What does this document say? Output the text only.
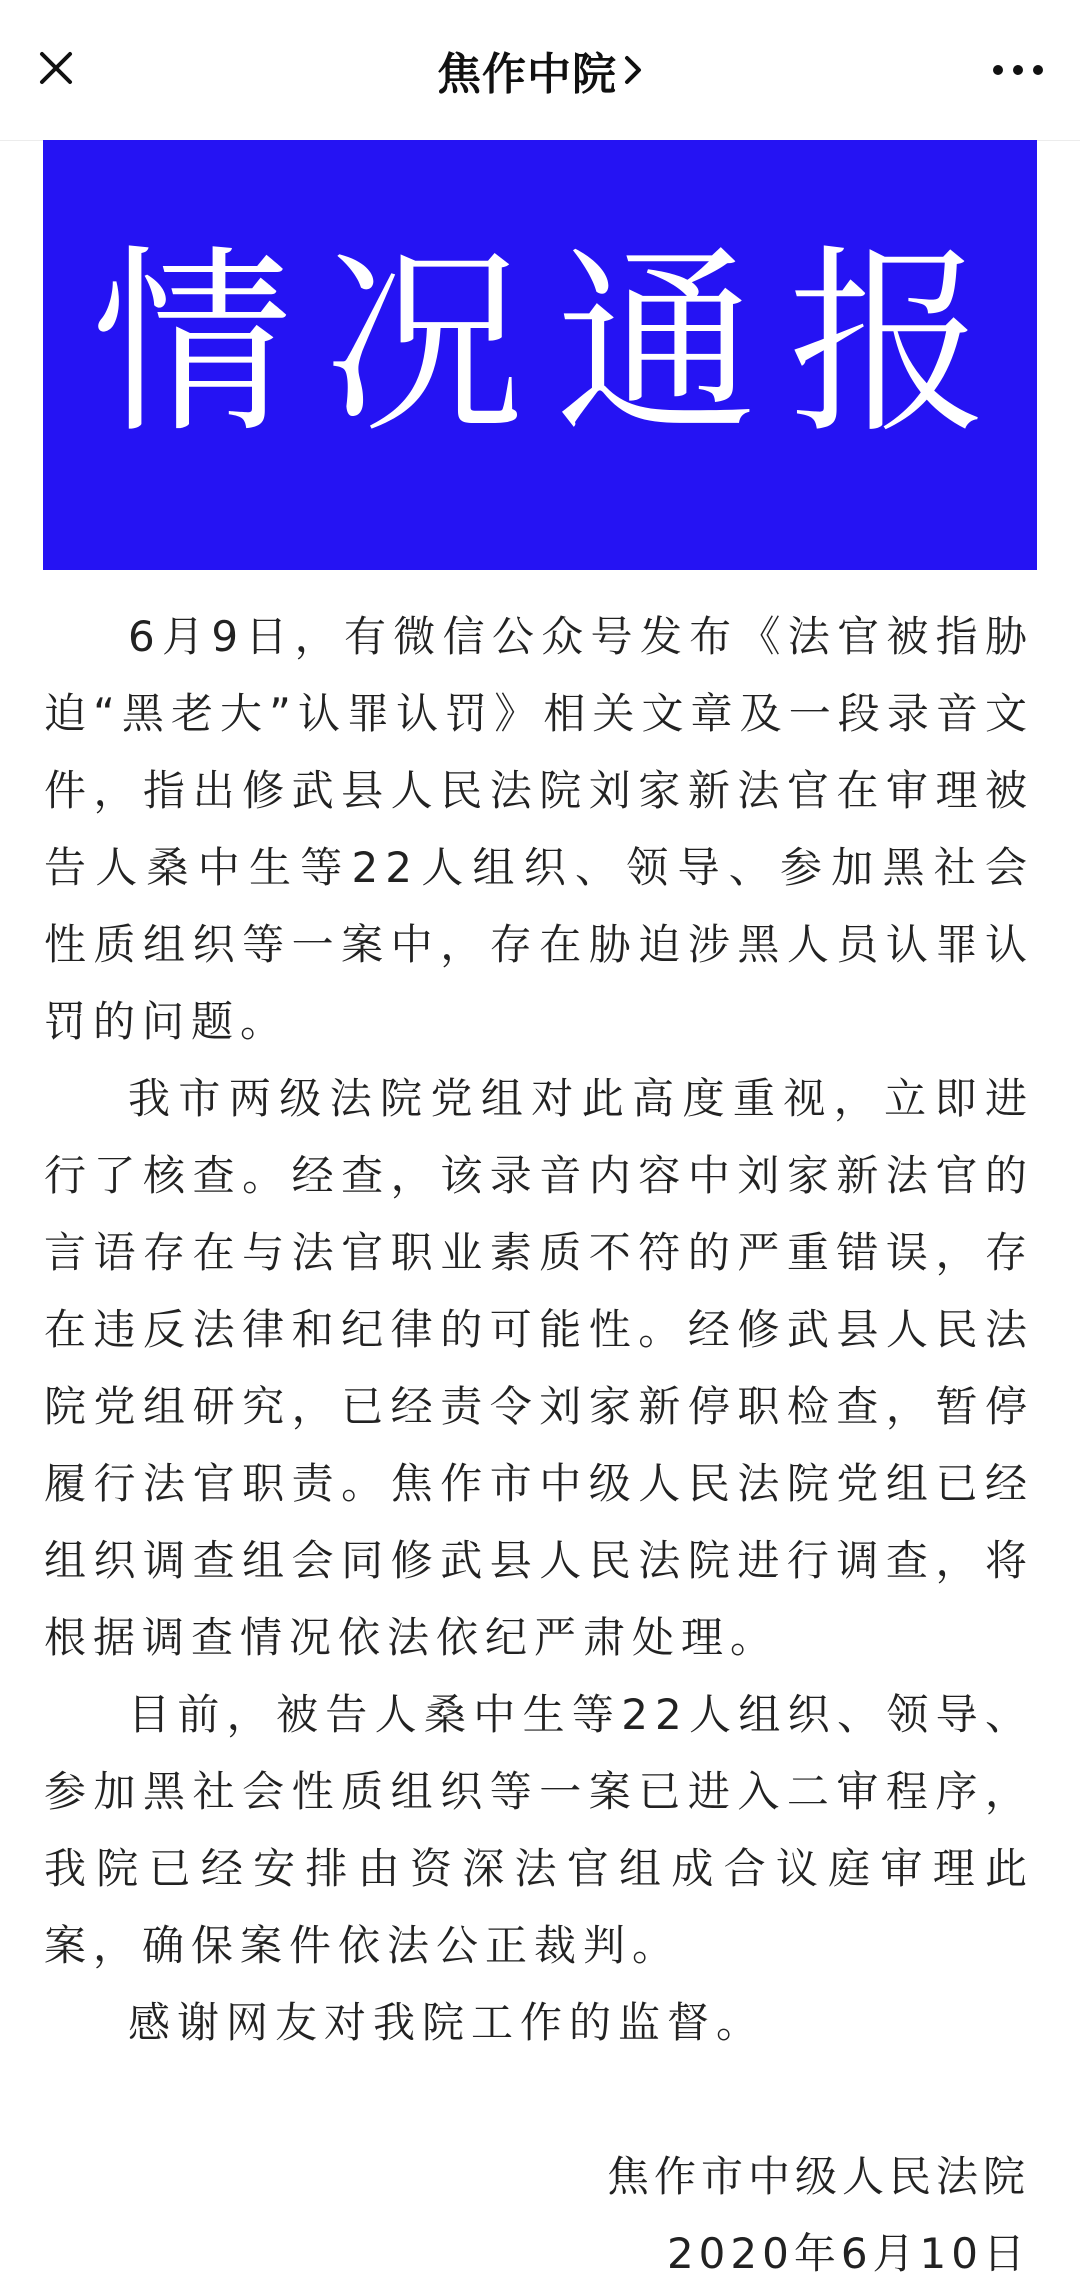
焦作中院
情况通报

6月9日，有微信公众号发布《法官被指胁迫“黑老大”认罪认罚》相关文章及一段录音文件，指出修武县人民法院刘家新法官在审理被告人桑中生等22人组织、领导、参加黑社会性质组织等一案中，存在胁迫涉黑人员认罪认罚的问题。

我市两级法院党组对此高度重视，立即进行了核查。经查，该录音内容中刘家新法官的言语存在与法官职业素质不符的严重错误，存在违反法律和纪律的可能性。经修武县人民法院党组研究，已经责令刘家新停职检查，暂停履行法官职责。焦作市中级人民法院党组已经组织调查组会同修武县人民法院进行调查，将根据调查情况依法依纪严肃处理。

目前，被告人桑中生等22人组织、领导、参加黑社会性质组织等一案已进入二审程序，我院已经安排由资深法官组成合议庭审理此案，确保案件依法公正裁判。

感谢网友对我院工作的监督。

焦作市中级人民法院
2020年6月10日
